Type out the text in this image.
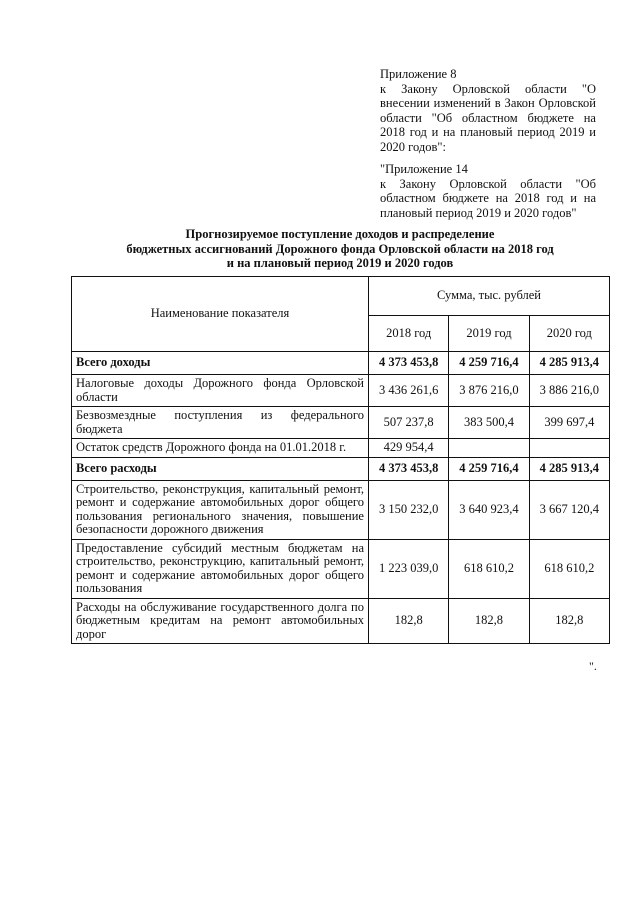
Приложение 8

к Закону Орловской области "О внесении изменений в Закон Орловской области "Об областном бюджете на 2018 год и на плановый период 2019 и 2020 годов":

"Приложение 14

к Закону Орловской области "Об областном бюджете на 2018 год и на плановый период 2019 и 2020 годов"

Прогнозируемое поступление доходов и распределение

бюджетных ассигнований Дорожного фонда Орловской области на 2018 год

и на плановый период 2019 и 2020 годов

Наименование показателя	Сумма, тыс. рублей		
	2018 год	2019 год	2020 год
Всего доходы	4 373 453,8	4 259 716,4	4 285 913,4
Налоговые доходы Дорожного фонда Орловской области	3 436 261,6	3 876 216,0	3 886 216,0
Безвозмездные поступления из федерального бюджета	507 237,8	383 500,4	399 697,4
Остаток средств Дорожного фонда на 01.01.2018 г.	429 954,4		
Всего расходы	4 373 453,8	4 259 716,4	4 285 913,4
Строительство, реконструкция, капитальный ремонт, ремонт и содержание автомобильных дорог общего пользования регионального значения, повышение безопасности дорожного движения	3 150 232,0	3 640 923,4	3 667 120,4
Предоставление субсидий местным бюджетам на строительство, реконструкцию, капитальный ремонт, ремонт и содержание автомобильных дорог общего пользования	1 223 039,0	618 610,2	618 610,2
Расходы на обслуживание государственного долга по бюджетным кредитам на ремонт автомобильных дорог	182,8	182,8	182,8
".
